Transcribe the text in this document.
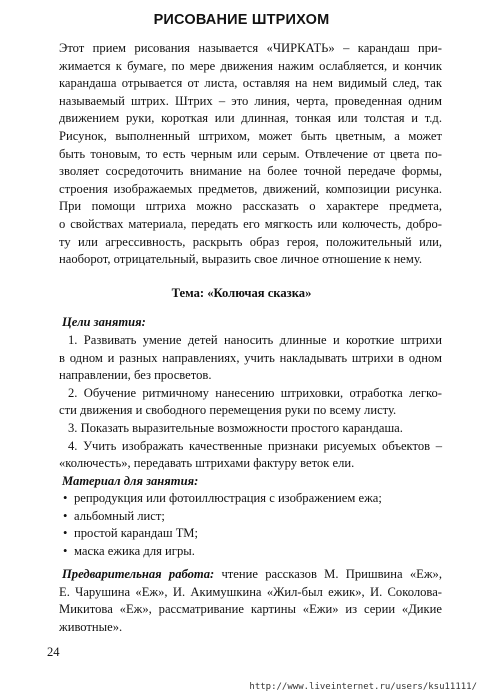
РИСОВАНИЕ ШТРИХОМ
Этот прием рисования называется «ЧИРКАТЬ» – карандаш при-
жимается к бумаге, по мере движения нажим ослабляется, и кончик
карандаша отрывается от листа, оставляя на нем видимый след, так
называемый штрих. Штрих – это линия, черта, проведенная одним
движением руки, короткая или длинная, тонкая или толстая и т.д.
Рисунок, выполненный штрихом, может быть цветным, а может
быть тоновым, то есть черным или серым. Отвлечение от цвета по-
зволяет сосредоточить внимание на более точной передаче формы,
строения изображаемых предметов, движений, композиции рисунка.
При помощи штриха можно рассказать о характере предмета,
о свойствах материала, передать его мягкость или колючесть, добро-
ту или агрессивность, раскрыть образ героя, положительный или,
наоборот, отрицательный, выразить свое личное отношение к нему.
Тема: «Колючая сказка»
Цели занятия:
1. Развивать умение детей наносить длинные и короткие штрихи
в одном и разных направлениях, учить накладывать штрихи в одном
направлении, без просветов.
2. Обучение ритмичному нанесению штриховки, отработка легко-
сти движения и свободного перемещения руки по всему листу.
3. Показать выразительные возможности простого карандаша.
4. Учить изображать качественные признаки рисуемых объектов –
«колючесть», передавать штрихами фактуру веток ели.
Материал для занятия:
• репродукция или фотоиллюстрация с изображением ежа;
• альбомный лист;
• простой карандаш ТМ;
• маска ежика для игры.
Предварительная работа: чтение рассказов М. Пришвина «Еж»,
Е. Чарушина «Еж», И. Акимушкина «Жил-был ежик», И. Соколова-
Микитова «Еж», рассматривание картины «Ежи» из серии «Дикие
животные».
24
http://www.liveinternet.ru/users/ksu11111/
